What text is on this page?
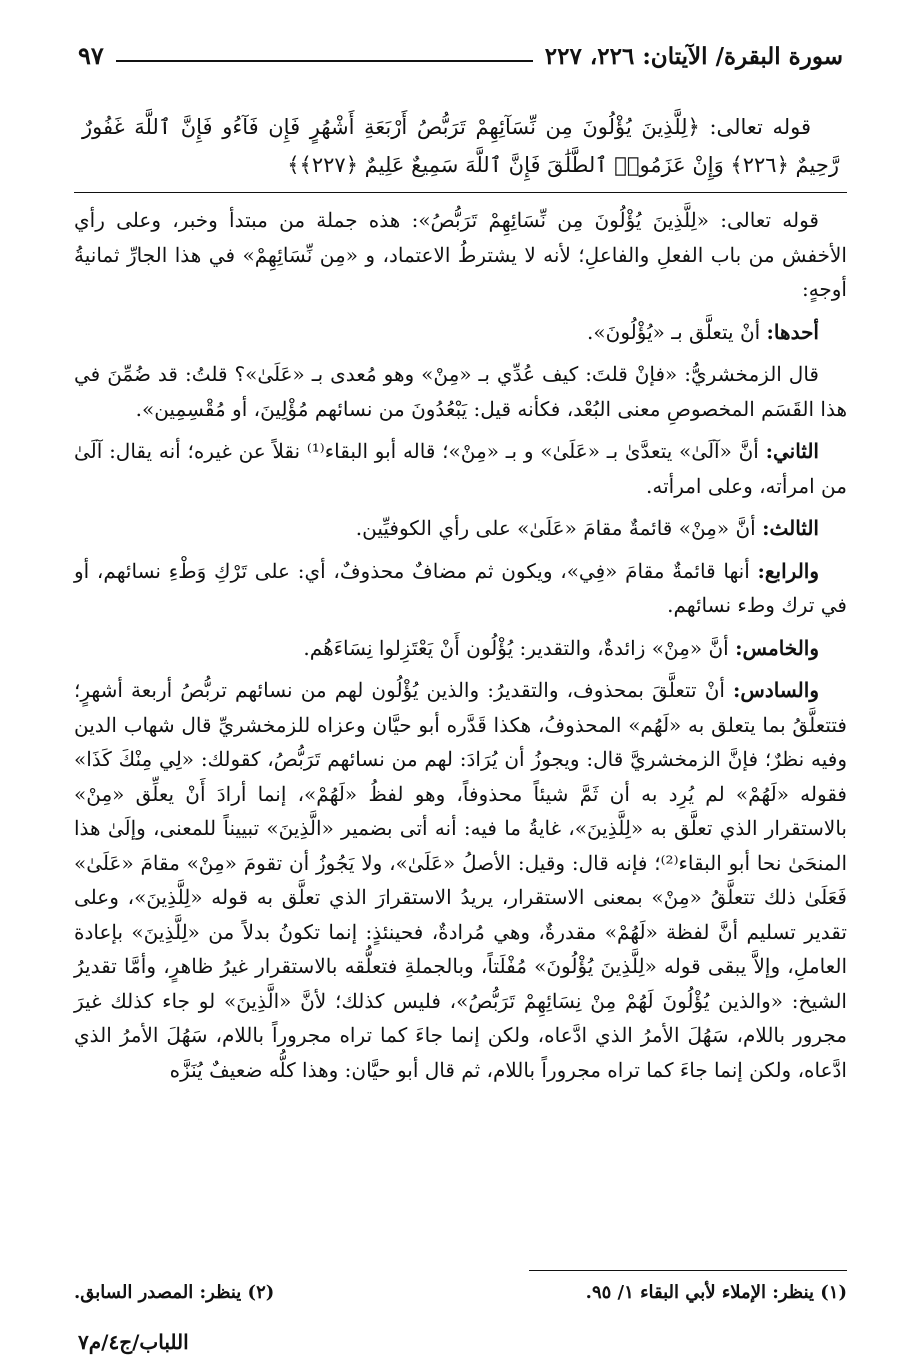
سورة البقرة/ الآيتان: ٢٢٦، ٢٢٧
٩٧
قوله تعالى: ﴿لِلَّذِينَ يُؤْلُونَ مِن نِّسَآئِهِمْ تَرَبُّصُ أَرْبَعَةِ أَشْهُرٍ فَإِن فَآءُو فَإِنَّ ٱللَّهَ غَفُورٌ رَّحِيمٌ ﴿٢٢٦﴾ وَإِنْ عَزَمُوا۟ ٱلطَّلَٰقَ فَإِنَّ ٱللَّهَ سَمِيعٌ عَلِيمٌ ﴿٢٢٧﴾﴾

قوله تعالى: «لِلَّذِينَ يُؤْلُونَ مِن نِّسَائِهِمْ تَرَبُّصُ»: هذه جملة من مبتدأ وخبر، وعلى رأي الأخفش من باب الفعلِ والفاعلِ؛ لأنه لا يشترطُ الاعتماد، و «مِن نِّسَائِهِمْ» في هذا الجارِّ ثمانيةُ أوجهٍ:

أحدها: أنْ يتعلَّق بـ «يُؤْلُونَ».

قال الزمخشريُّ: «فإنْ قلتَ: كيف عُدِّي بـ «مِنْ» وهو مُعدى بـ «عَلَىٰ»؟ قلتُ: قد ضُمِّنَ في هذا القَسَم المخصوصِ معنى البُعْد، فكأنه قيل: يَبْعُدُونَ من نسائهم مُؤْلِينَ، أو مُقْسِمِين».

الثاني: أنَّ «آلَىٰ» يتعدَّىٰ بـ «عَلَىٰ» و بـ «مِنْ»؛ قاله أبو البقاء⁽¹⁾ نقلاً عن غيره؛ أنه يقال: آلَىٰ من امرأته، وعلى امرأته.

الثالث: أنَّ «مِنْ» قائمةٌ مقامَ «عَلَىٰ» على رأي الكوفيِّين.

والرابع: أنها قائمةٌ مقامَ «فِي»، ويكون ثم مضافٌ محذوفٌ، أي: على تَرْكِ وَطْءِ نسائهم، أو في ترك وطء نسائهم.

والخامس: أنَّ «مِنْ» زائدةٌ، والتقدير: يُؤْلُون أَنْ يَعْتَزِلوا نِسَاءَهُم.

والسادس: أنْ تتعلَّقَ بمحذوف، والتقديرُ: والذين يُؤْلُون لهم من نسائهم تربُّصُ أربعة أشهرٍ؛ فتتعلَّقُ بما يتعلق به «لَهُم» المحذوفُ، هكذا قَدَّره أبو حيَّان وعزاه للزمخشريِّ قال شهاب الدين وفيه نظرٌ؛ فإنَّ الزمخشريَّ قال: ويجوزُ أن يُرَادَ: لهم من نسائهم تَرَبُّصُ، كقولك: «لِي مِنْكَ كَذَا» فقوله «لَهُمْ» لم يُرِد به أن ثَمَّ شيئاً محذوفاً، وهو لفظُ «لَهُمْ»، إنما أرادَ أَنْ يعلِّق «مِنْ» بالاستقرار الذي تعلَّق به «لِلَّذِينَ»، غايةُ ما فيه: أنه أتى بضمير «الَّذِينَ» تبييناً للمعنى، وإلَىٰ هذا المنحَىٰ نحا أبو البقاء⁽²⁾؛ فإنه قال: وقيل: الأصلُ «عَلَىٰ»، ولا يَجُوزُ أن تقومَ «مِنْ» مقامَ «عَلَىٰ» فَعَلَىٰ ذلك تتعلَّقُ «مِنْ» بمعنى الاستقرار، يريدُ الاستقرارَ الذي تعلَّق به قوله «لِلَّذِينَ»، وعلى تقدير تسليم أنَّ لفظة «لَهُمْ» مقدرةٌ، وهي مُرادةٌ، فحينئذٍ: إنما تكونُ بدلاً من «لِلَّذِينَ» بإعادة العاملِ، وإلاَّ يبقى قوله «لِلَّذِينَ يُؤْلُونَ» مُفْلَتاً، وبالجملةِ فتعلُّقه بالاستقرار غيرُ ظاهرٍ، وأمَّا تقديرُ الشيخ: «والذين يُؤْلُونَ لَهُمْ مِنْ نِسَائِهِمْ تَرَبُّصُ»، فليس كذلك؛ لأنَّ «الَّذِينَ» لو جاء كذلك غيرَ مجرور باللام، سَهُلَ الأمرُ الذي ادَّعاه، ولكن إنما جاءَ كما تراه مجروراً باللام، سَهُلَ الأمرُ الذي ادَّعاه، ولكن إنما جاءَ كما تراه مجروراً باللام، ثم قال أبو حيَّان: وهذا كلُّه ضعيفٌ يُنَزَّه

(١) ينظر: الإملاء لأبي البقاء ١/ ٩٥.
(٢) ينظر: المصدر السابق.
اللباب/ج٤/م٧
